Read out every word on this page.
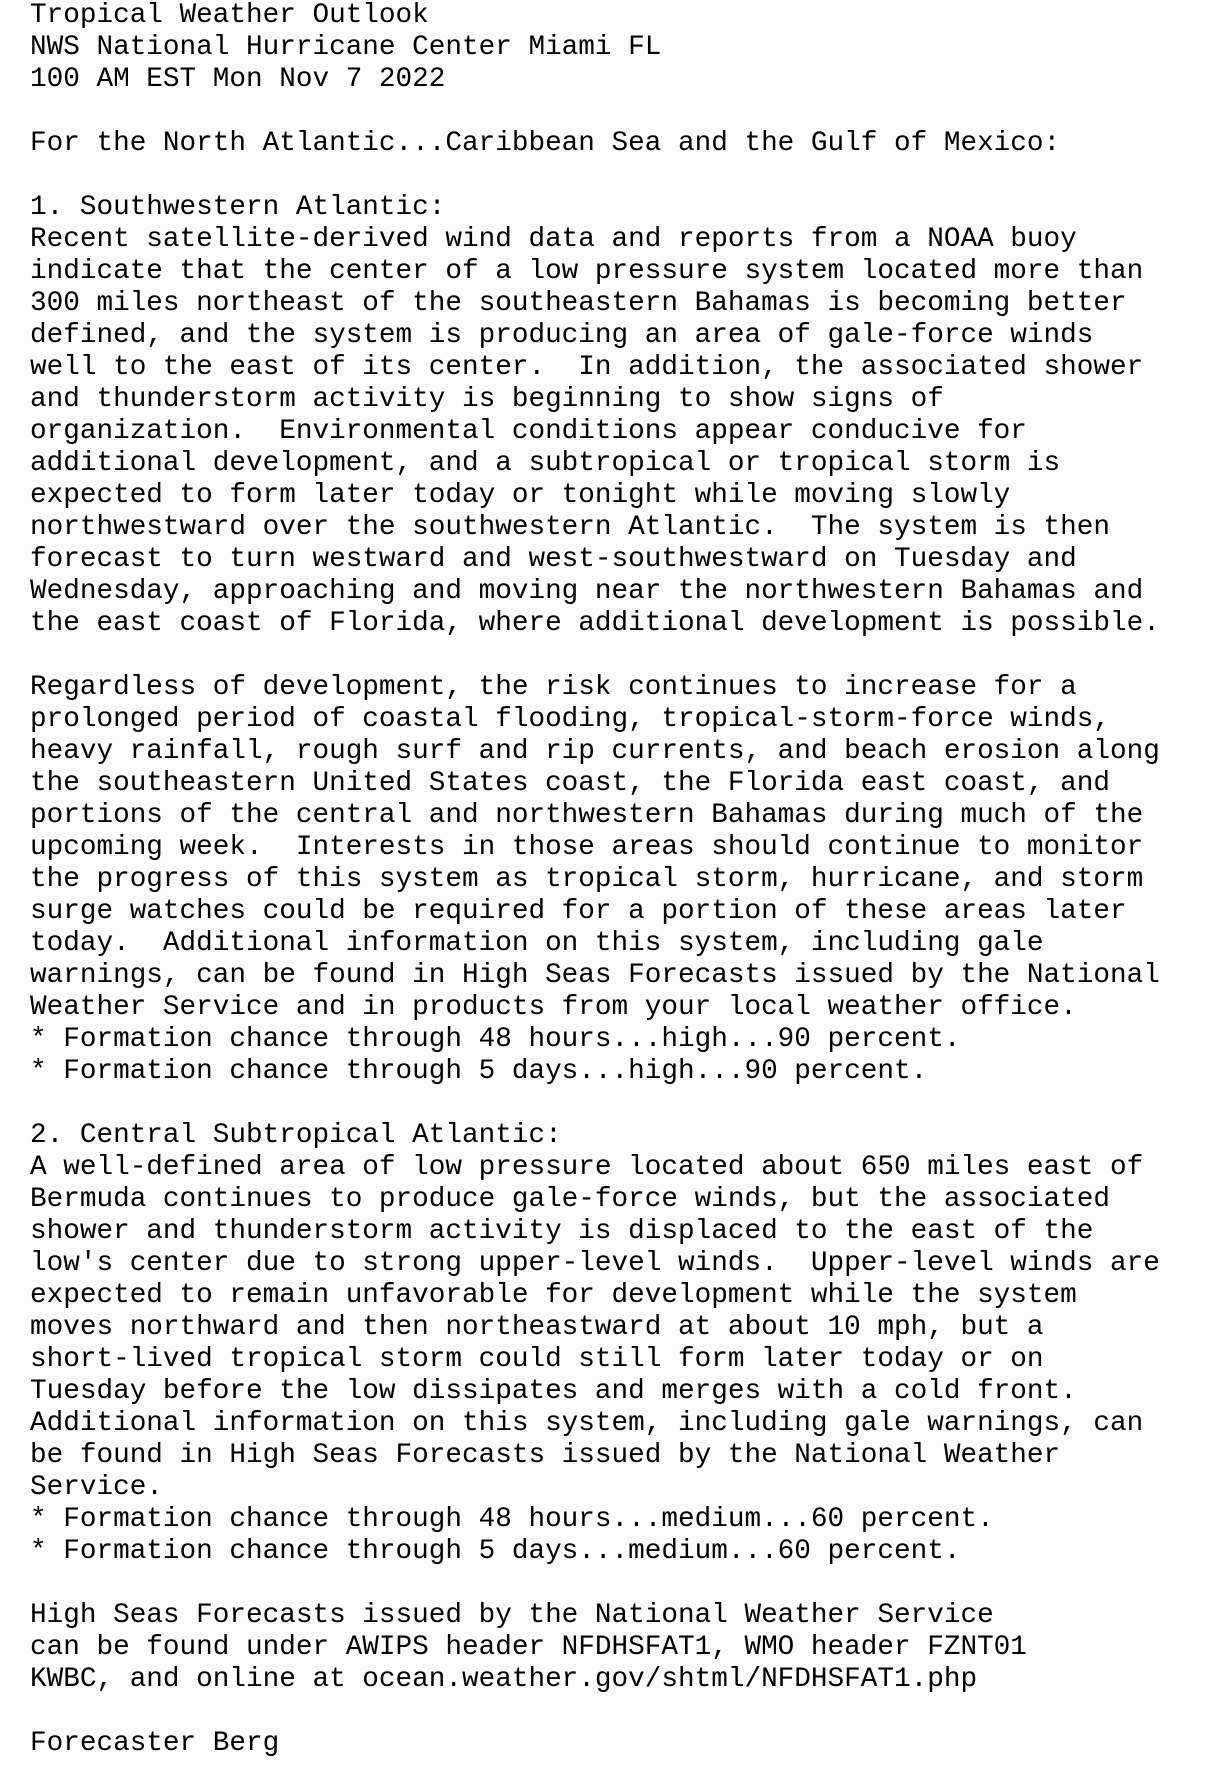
Tropical Weather Outlook
NWS National Hurricane Center Miami FL
100 AM EST Mon Nov 7 2022
For the North Atlantic...Caribbean Sea and the Gulf of Mexico:
1. Southwestern Atlantic:
Recent satellite-derived wind data and reports from a NOAA buoy
indicate that the center of a low pressure system located more than
300 miles northeast of the southeastern Bahamas is becoming better
defined, and the system is producing an area of gale-force winds
well to the east of its center.  In addition, the associated shower
and thunderstorm activity is beginning to show signs of
organization.  Environmental conditions appear conducive for
additional development, and a subtropical or tropical storm is
expected to form later today or tonight while moving slowly
northwestward over the southwestern Atlantic.  The system is then
forecast to turn westward and west-southwestward on Tuesday and
Wednesday, approaching and moving near the northwestern Bahamas and
the east coast of Florida, where additional development is possible.
Regardless of development, the risk continues to increase for a
prolonged period of coastal flooding, tropical-storm-force winds,
heavy rainfall, rough surf and rip currents, and beach erosion along
the southeastern United States coast, the Florida east coast, and
portions of the central and northwestern Bahamas during much of the
upcoming week.  Interests in those areas should continue to monitor
the progress of this system as tropical storm, hurricane, and storm
surge watches could be required for a portion of these areas later
today.  Additional information on this system, including gale
warnings, can be found in High Seas Forecasts issued by the National
Weather Service and in products from your local weather office.
* Formation chance through 48 hours...high...90 percent.
* Formation chance through 5 days...high...90 percent.
2. Central Subtropical Atlantic:
A well-defined area of low pressure located about 650 miles east of
Bermuda continues to produce gale-force winds, but the associated
shower and thunderstorm activity is displaced to the east of the
low's center due to strong upper-level winds.  Upper-level winds are
expected to remain unfavorable for development while the system
moves northward and then northeastward at about 10 mph, but a
short-lived tropical storm could still form later today or on
Tuesday before the low dissipates and merges with a cold front.
Additional information on this system, including gale warnings, can
be found in High Seas Forecasts issued by the National Weather
Service.
* Formation chance through 48 hours...medium...60 percent.
* Formation chance through 5 days...medium...60 percent.
High Seas Forecasts issued by the National Weather Service
can be found under AWIPS header NFDHSFAT1, WMO header FZNT01
KWBC, and online at ocean.weather.gov/shtml/NFDHSFAT1.php
Forecaster Berg
